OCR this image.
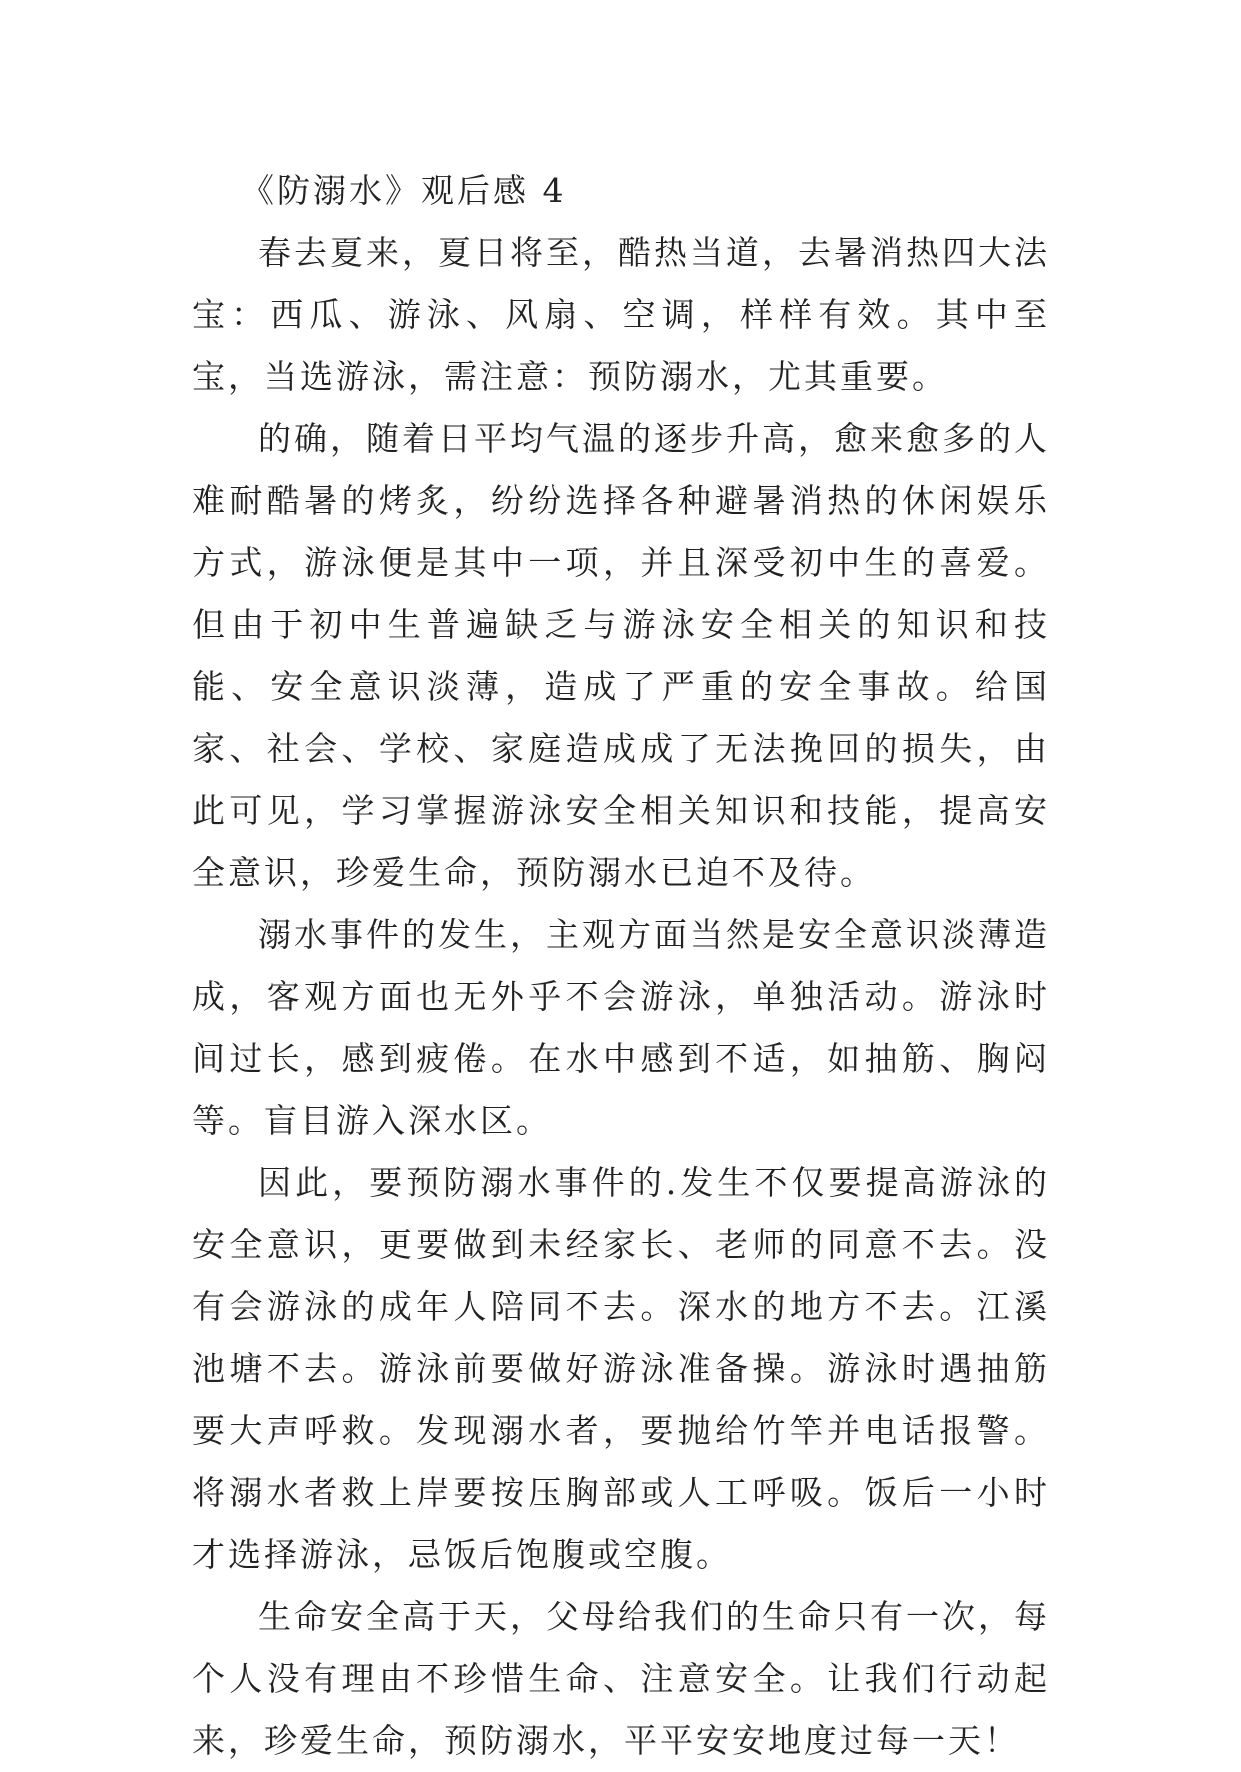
《防溺水》观后感 4

春去夏来，夏日将至，酷热当道，去暑消热四大法宝：西瓜、游泳、风扇、空调，样样有效。其中至宝，当选游泳，需注意：预防溺水，尤其重要。

的确，随着日平均气温的逐步升高，愈来愈多的人难耐酷暑的烤炙，纷纷选择各种避暑消热的休闲娱乐方式，游泳便是其中一项，并且深受初中生的喜爱。但由于初中生普遍缺乏与游泳安全相关的知识和技能、安全意识淡薄，造成了严重的安全事故。给国家、社会、学校、家庭造成成了无法挽回的损失，由此可见，学习掌握游泳安全相关知识和技能，提高安全意识，珍爱生命，预防溺水已迫不及待。

溺水事件的发生，主观方面当然是安全意识淡薄造成，客观方面也无外乎不会游泳，单独活动。游泳时间过长，感到疲倦。在水中感到不适，如抽筋、胸闷等。盲目游入深水区。

因此，要预防溺水事件的.发生不仅要提高游泳的安全意识，更要做到未经家长、老师的同意不去。没有会游泳的成年人陪同不去。深水的地方不去。江溪池塘不去。游泳前要做好游泳准备操。游泳时遇抽筋要大声呼救。发现溺水者，要抛给竹竿并电话报警。将溺水者救上岸要按压胸部或人工呼吸。饭后一小时才选择游泳，忌饭后饱腹或空腹。

生命安全高于天，父母给我们的生命只有一次，每个人没有理由不珍惜生命、注意安全。让我们行动起来，珍爱生命，预防溺水，平平安安地度过每一天！
